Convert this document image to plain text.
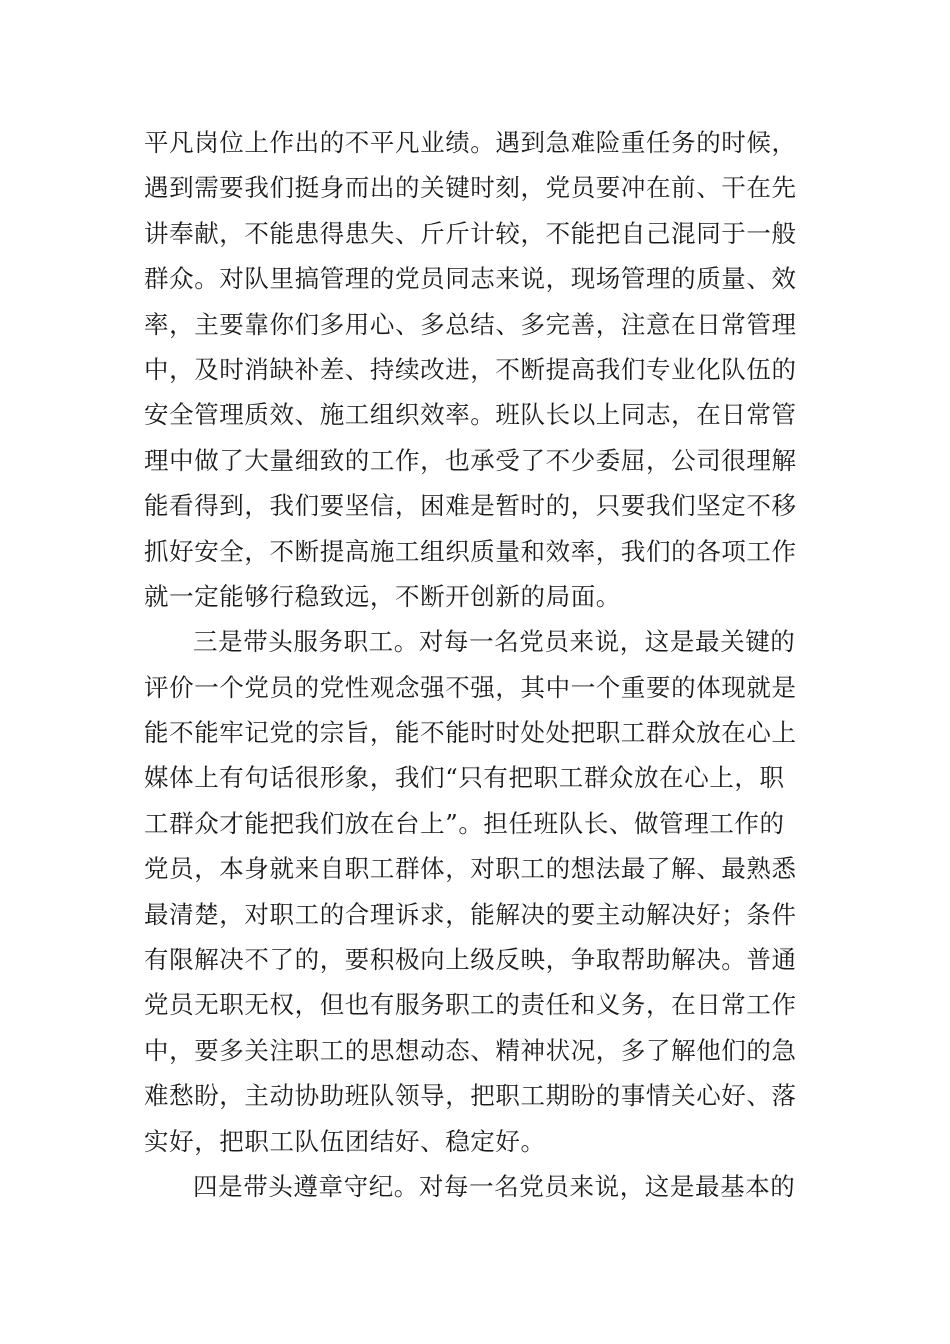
平凡岗位上作出的不平凡业绩。遇到急难险重任务的时候，
遇到需要我们挺身而出的关键时刻，党员要冲在前、干在先
讲奉献，不能患得患失、斤斤计较，不能把自己混同于一般
群众。对队里搞管理的党员同志来说，现场管理的质量、效
率，主要靠你们多用心、多总结、多完善，注意在日常管理
中，及时消缺补差、持续改进，不断提高我们专业化队伍的
安全管理质效、施工组织效率。班队长以上同志，在日常管
理中做了大量细致的工作，也承受了不少委屈，公司很理解
能看得到，我们要坚信，困难是暂时的，只要我们坚定不移
抓好安全，不断提高施工组织质量和效率，我们的各项工作
就一定能够行稳致远，不断开创新的局面。
三是带头服务职工。对每一名党员来说，这是最关键的
评价一个党员的党性观念强不强，其中一个重要的体现就是
能不能牢记党的宗旨，能不能时时处处把职工群众放在心上
媒体上有句话很形象，我们“只有把职工群众放在心上，职
工群众才能把我们放在台上”。担任班队长、做管理工作的
党员，本身就来自职工群体，对职工的想法最了解、最熟悉
最清楚，对职工的合理诉求，能解决的要主动解决好；条件
有限解决不了的，要积极向上级反映，争取帮助解决。普通
党员无职无权，但也有服务职工的责任和义务，在日常工作
中，要多关注职工的思想动态、精神状况，多了解他们的急
难愁盼，主动协助班队领导，把职工期盼的事情关心好、落
实好，把职工队伍团结好、稳定好。
四是带头遵章守纪。对每一名党员来说，这是最基本的
